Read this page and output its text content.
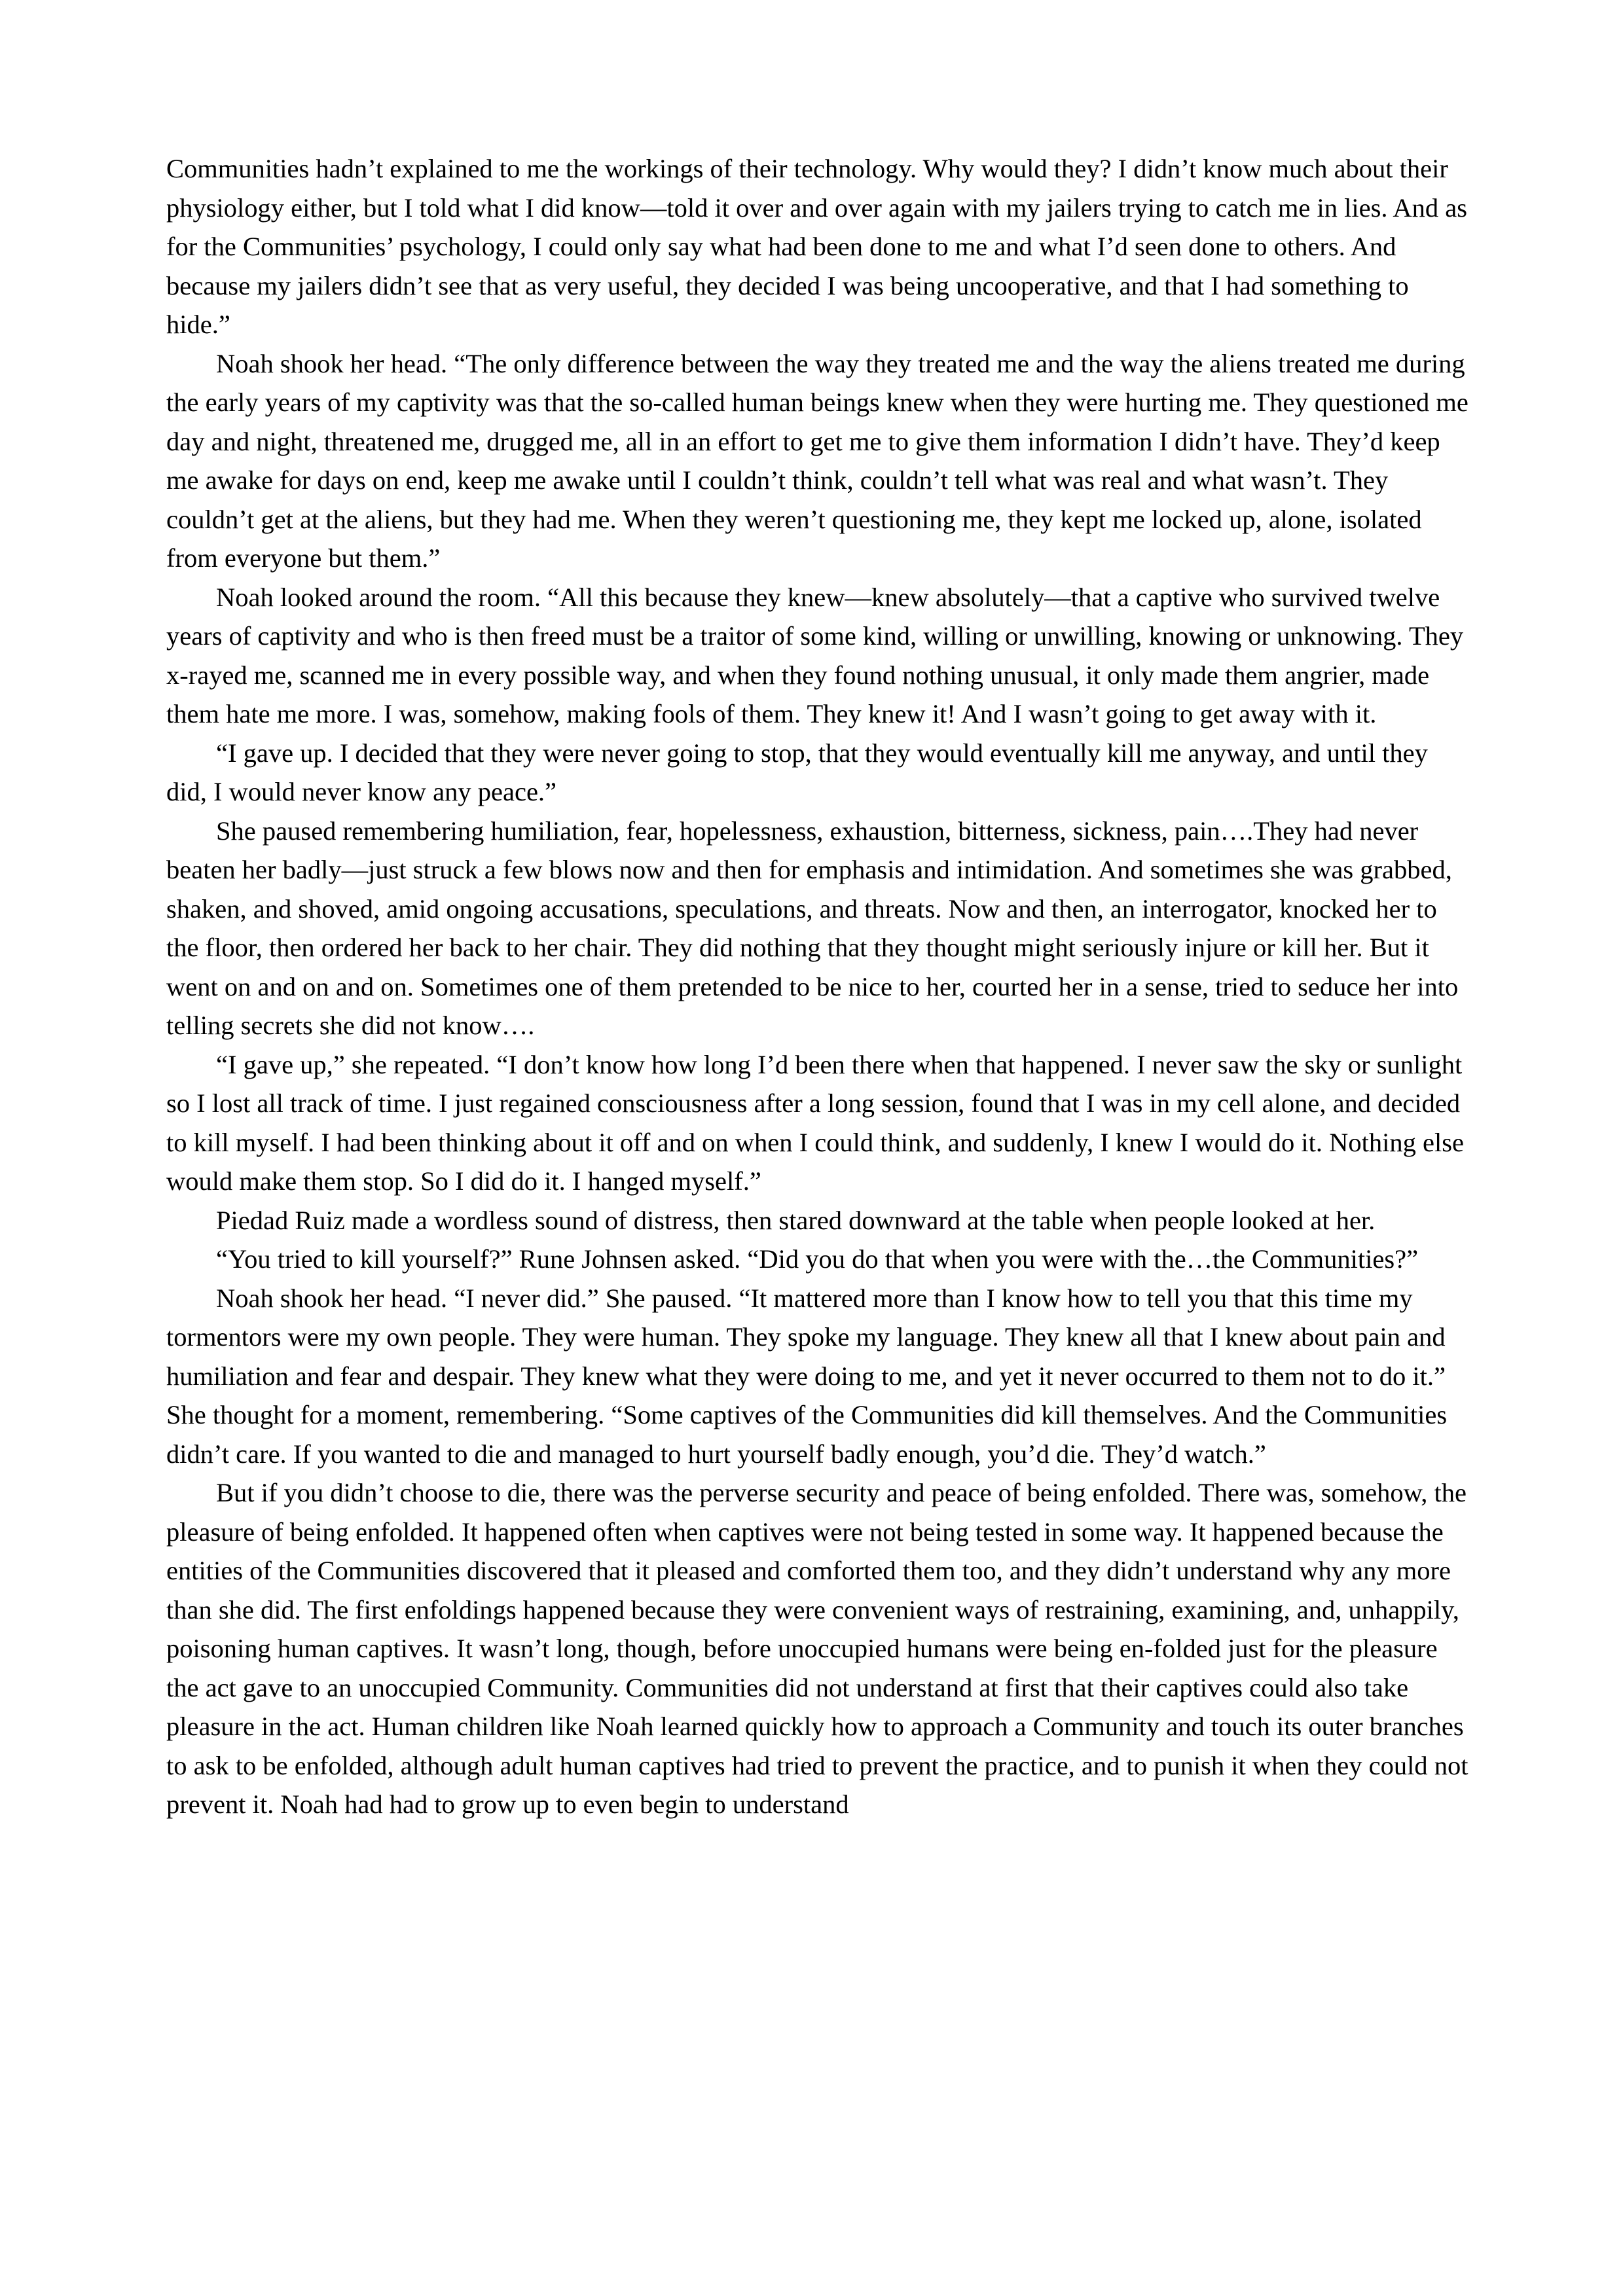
Communities hadn’t explained to me the workings of their technology. Why would they? I didn’t know much about their physiology either, but I told what I did know—told it over and over again with my jailers trying to catch me in lies. And as for the Communities’ psychology, I could only say what had been done to me and what I’d seen done to others. And because my jailers didn’t see that as very useful, they decided I was being uncooperative, and that I had something to hide.”

Noah shook her head. “The only difference between the way they treated me and the way the aliens treated me during the early years of my captivity was that the so-called human beings knew when they were hurting me. They questioned me day and night, threatened me, drugged me, all in an effort to get me to give them information I didn’t have. They’d keep me awake for days on end, keep me awake until I couldn’t think, couldn’t tell what was real and what wasn’t. They couldn’t get at the aliens, but they had me. When they weren’t questioning me, they kept me locked up, alone, isolated from everyone but them.”

Noah looked around the room. “All this because they knew—knew absolutely—that a captive who survived twelve years of captivity and who is then freed must be a traitor of some kind, willing or unwilling, knowing or unknowing. They x-rayed me, scanned me in every possible way, and when they found nothing unusual, it only made them angrier, made them hate me more. I was, somehow, making fools of them. They knew it! And I wasn’t going to get away with it.

“I gave up. I decided that they were never going to stop, that they would eventually kill me anyway, and until they did, I would never know any peace.”

She paused remembering humiliation, fear, hopelessness, exhaustion, bitterness, sickness, pain….They had never beaten her badly—just struck a few blows now and then for emphasis and intimidation. And sometimes she was grabbed, shaken, and shoved, amid ongoing accusations, speculations, and threats. Now and then, an interrogator, knocked her to the floor, then ordered her back to her chair. They did nothing that they thought might seriously injure or kill her. But it went on and on and on. Sometimes one of them pretended to be nice to her, courted her in a sense, tried to seduce her into telling secrets she did not know….

“I gave up,” she repeated. “I don’t know how long I’d been there when that happened. I never saw the sky or sunlight so I lost all track of time. I just regained consciousness after a long session, found that I was in my cell alone, and decided to kill myself. I had been thinking about it off and on when I could think, and suddenly, I knew I would do it. Nothing else would make them stop. So I did do it. I hanged myself.”

Piedad Ruiz made a wordless sound of distress, then stared downward at the table when people looked at her.

“You tried to kill yourself?” Rune Johnsen asked. “Did you do that when you were with the…the Communities?”

Noah shook her head. “I never did.” She paused. “It mattered more than I know how to tell you that this time my tormentors were my own people. They were human. They spoke my language. They knew all that I knew about pain and humiliation and fear and despair. They knew what they were doing to me, and yet it never occurred to them not to do it.” She thought for a moment, remembering. “Some captives of the Communities did kill themselves. And the Communities didn’t care. If you wanted to die and managed to hurt yourself badly enough, you’d die. They’d watch.”

But if you didn’t choose to die, there was the perverse security and peace of being enfolded. There was, somehow, the pleasure of being enfolded. It happened often when captives were not being tested in some way. It happened because the entities of the Communities discovered that it pleased and comforted them too, and they didn’t understand why any more than she did. The first enfoldings happened because they were convenient ways of restraining, examining, and, unhappily, poisoning human captives. It wasn’t long, though, before unoccupied humans were being en-folded just for the pleasure the act gave to an unoccupied Community. Communities did not understand at first that their captives could also take pleasure in the act. Human children like Noah learned quickly how to approach a Community and touch its outer branches to ask to be enfolded, although adult human captives had tried to prevent the practice, and to punish it when they could not prevent it. Noah had had to grow up to even begin to understand
